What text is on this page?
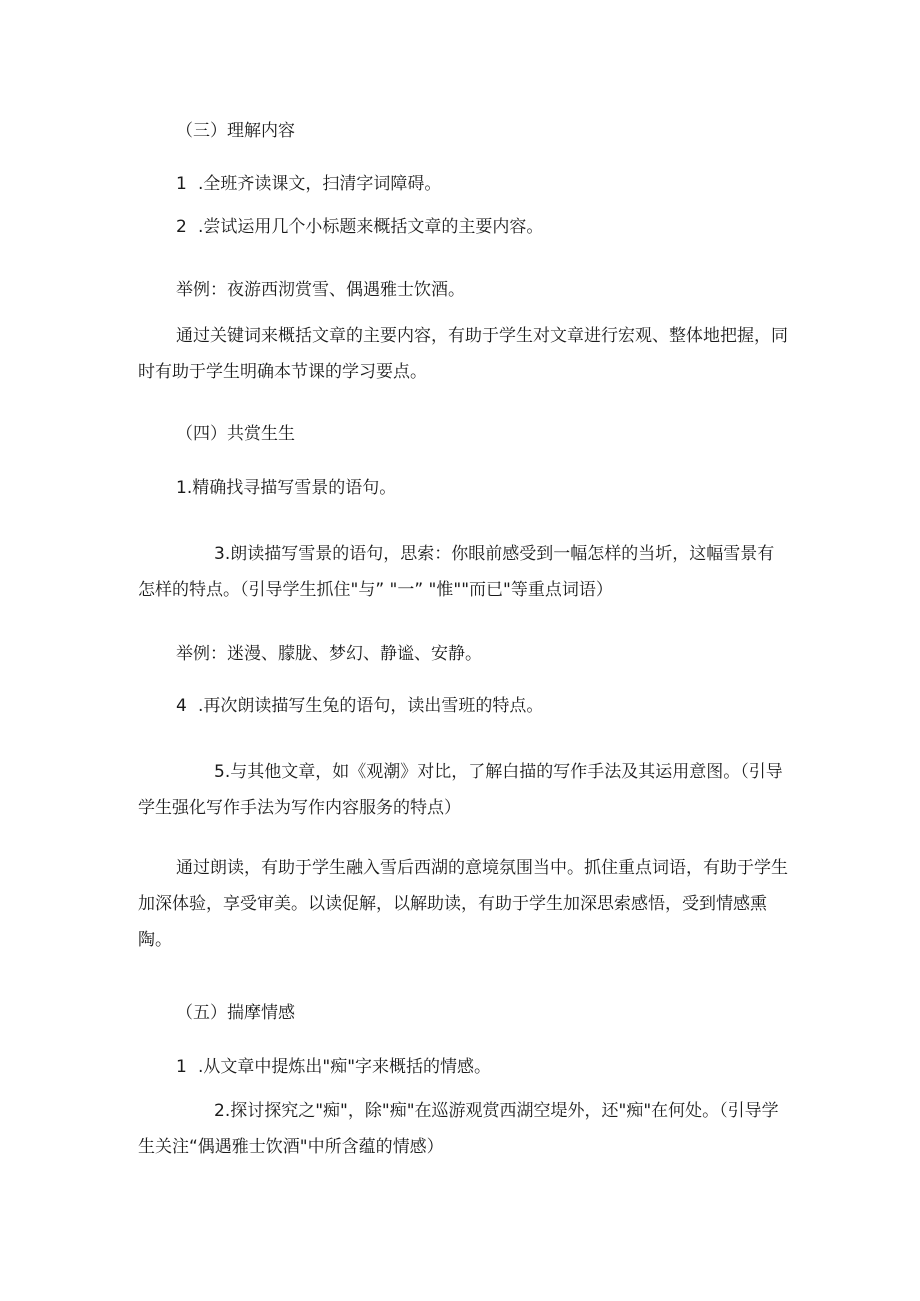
（三）理解内容

1 .全班齐读课文，扫清字词障碍。

2 .尝试运用几个小标题来概括文章的主要内容。

举例：夜游西沏赏雪、偶遇雅士饮酒。

通过关键词来概括文章的主要内容，有助于学生对文章进行宏观、整体地把握，同时有助于学生明确本节课的学习要点。

（四）共赏生生

1.精确找寻描写雪景的语句。

3.朗读描写雪景的语句，思索：你眼前感受到一幅怎样的当圻，这幅雪景有怎样的特点。（引导学生抓住"与” "一” "惟""而已"等重点词语）

举例：迷漫、朦胧、梦幻、静谧、安静。

4 .再次朗读描写生兔的语句，读出雪班的特点。

5.与其他文章，如《观潮》对比，了解白描的写作手法及其运用意图。（引导学生强化写作手法为写作内容服务的特点）

通过朗读，有助于学生融入雪后西湖的意境氛围当中。抓住重点词语，有助于学生加深体验，享受审美。以读促解，以解助读，有助于学生加深思索感悟，受到情感熏陶。

（五）揣摩情感

1 .从文章中提炼出"痴"字来概括的情感。

2.探讨探究之"痴"，除"痴"在巡游观赏西湖空堤外，还"痴"在何处。（引导学生关注“偶遇雅士饮酒"中所含蕴的情感）
